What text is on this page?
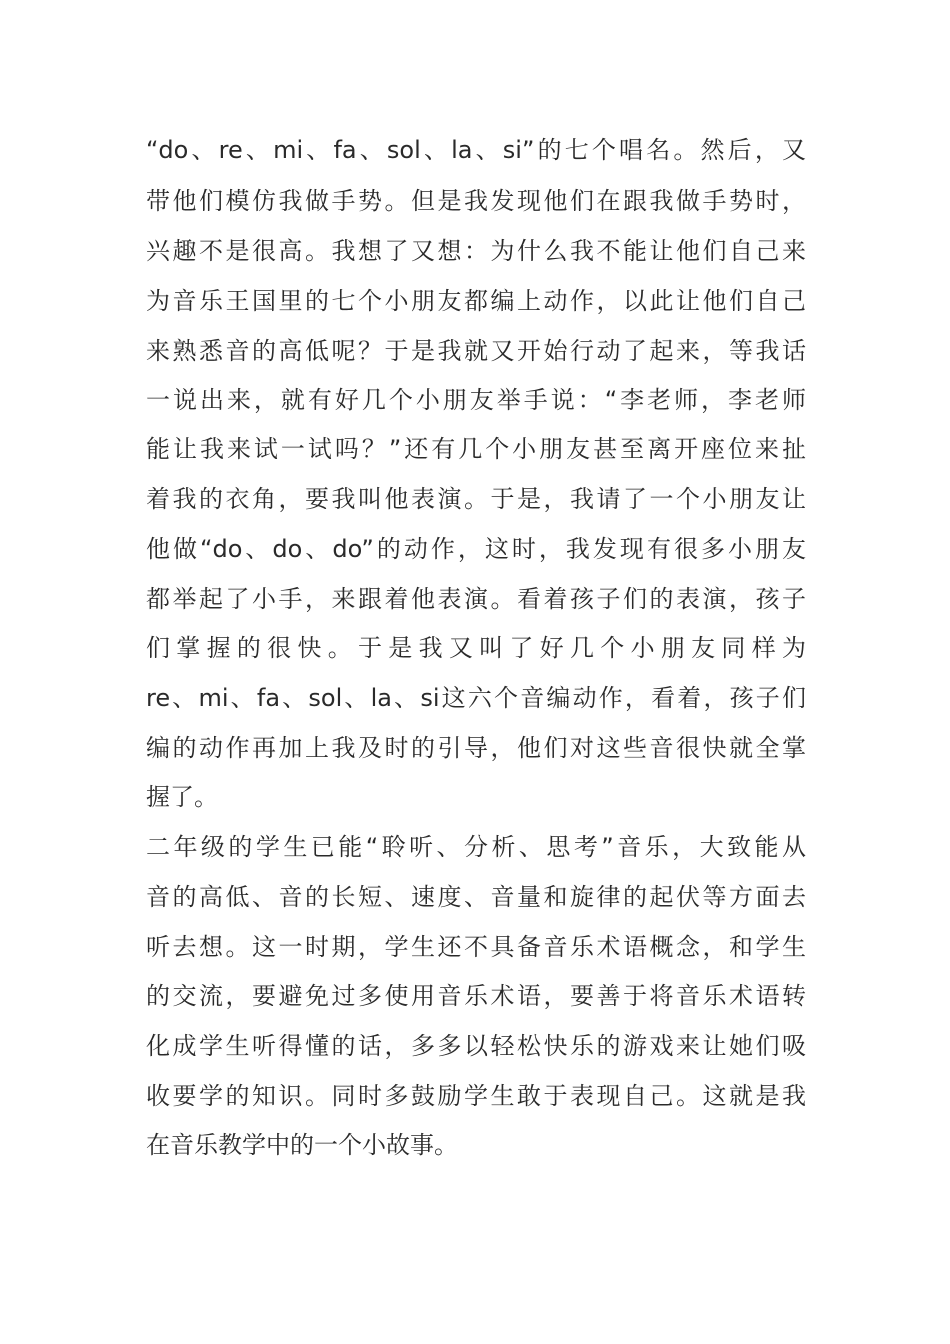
“do、re、mi、fa、sol、la、si”的七个唱名。然后，又
带他们模仿我做手势。但是我发现他们在跟我做手势时，
兴趣不是很高。我想了又想：为什么我不能让他们自己来
为音乐王国里的七个小朋友都编上动作，以此让他们自己
来熟悉音的高低呢？于是我就又开始行动了起来，等我话
一说出来，就有好几个小朋友举手说：“李老师，李老师
能让我来试一试吗？”还有几个小朋友甚至离开座位来扯
着我的衣角，要我叫他表演。于是，我请了一个小朋友让
他做“do、do、do”的动作，这时，我发现有很多小朋友
都举起了小手，来跟着他表演。看着孩子们的表演，孩子
们掌握的很快。于是我又叫了好几个小朋友同样为
re、mi、fa、sol、la、si这六个音编动作，看着，孩子们
编的动作再加上我及时的引导，他们对这些音很快就全掌
握了。
二年级的学生已能“聆听、分析、思考”音乐，大致能从
音的高低、音的长短、速度、音量和旋律的起伏等方面去
听去想。这一时期，学生还不具备音乐术语概念，和学生
的交流，要避免过多使用音乐术语，要善于将音乐术语转
化成学生听得懂的话，多多以轻松快乐的游戏来让她们吸
收要学的知识。同时多鼓励学生敢于表现自己。这就是我
在音乐教学中的一个小故事。
